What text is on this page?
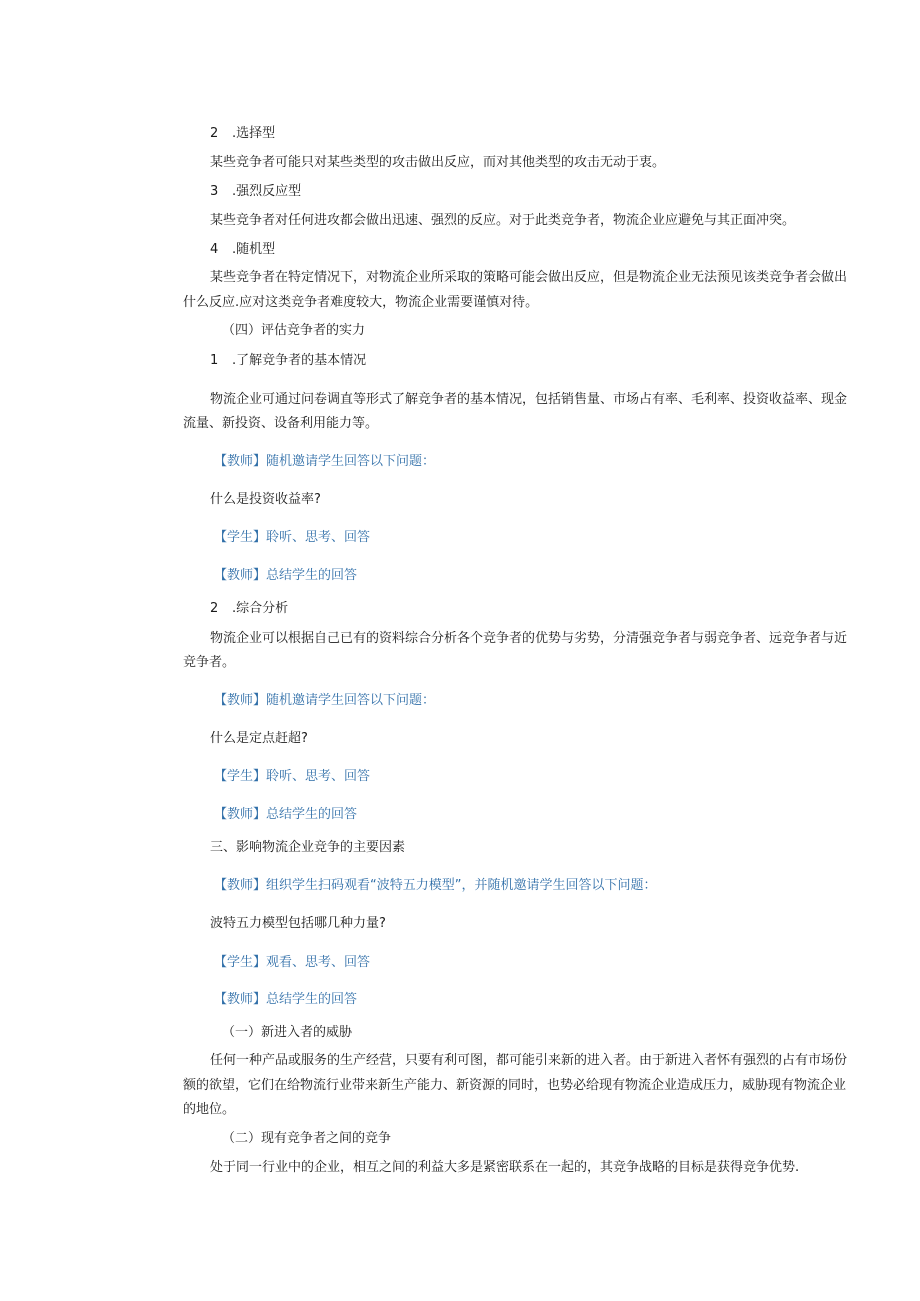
2 .选择型
某些竞争者可能只对某些类型的攻击做出反应，而对其他类型的攻击无动于衷。
3 .强烈反应型
某些竞争者对任何进攻都会做出迅速、强烈的反应。对于此类竞争者，物流企业应避免与其正面冲突。
4 .随机型
某些竞争者在特定情况下，对物流企业所采取的策略可能会做出反应，但是物流企业无法预见该类竞争者会做出
什么反应.应对这类竞争者难度较大，物流企业需要谨慎对待。
（四）评估竞争者的实力
1 .了解竞争者的基本情况
物流企业可通过问卷调直等形式了解竞争者的基本情况，包括销售量、市场占有率、毛利率、投资收益率、现金
流量、新投资、设备利用能力等。
【教师】随机邀请学生回答以下问题：
什么是投资收益率?
【学生】聆听、思考、回答
【教师】总结学生的回答
2 .综合分析
物流企业可以根据自己已有的资料综合分析各个竞争者的优势与劣势，分清强竞争者与弱竞争者、远竞争者与近
竞争者。
【教师】随机邀请学生回答以下问题：
什么是定点赶超?
【学生】聆听、思考、回答
【教师】总结学生的回答
三、影响物流企业竞争的主要因素
【教师】组织学生扫码观看“波特五力模型”，并随机邀请学生回答以下问题：
波特五力模型包括哪几种力量?
【学生】观看、思考、回答
【教师】总结学生的回答
（一）新进入者的威胁
任何一种产品或服务的生产经营，只要有利可图，都可能引来新的进入者。由于新进入者怀有强烈的占有市场份
额的欲望，它们在给物流行业带来新生产能力、新资源的同时，也势必给现有物流企业造成压力，威胁现有物流企业
的地位。
（二）现有竞争者之间的竞争
处于同一行业中的企业，相互之间的利益大多是紧密联系在一起的，其竞争战略的目标是获得竞争优势.
